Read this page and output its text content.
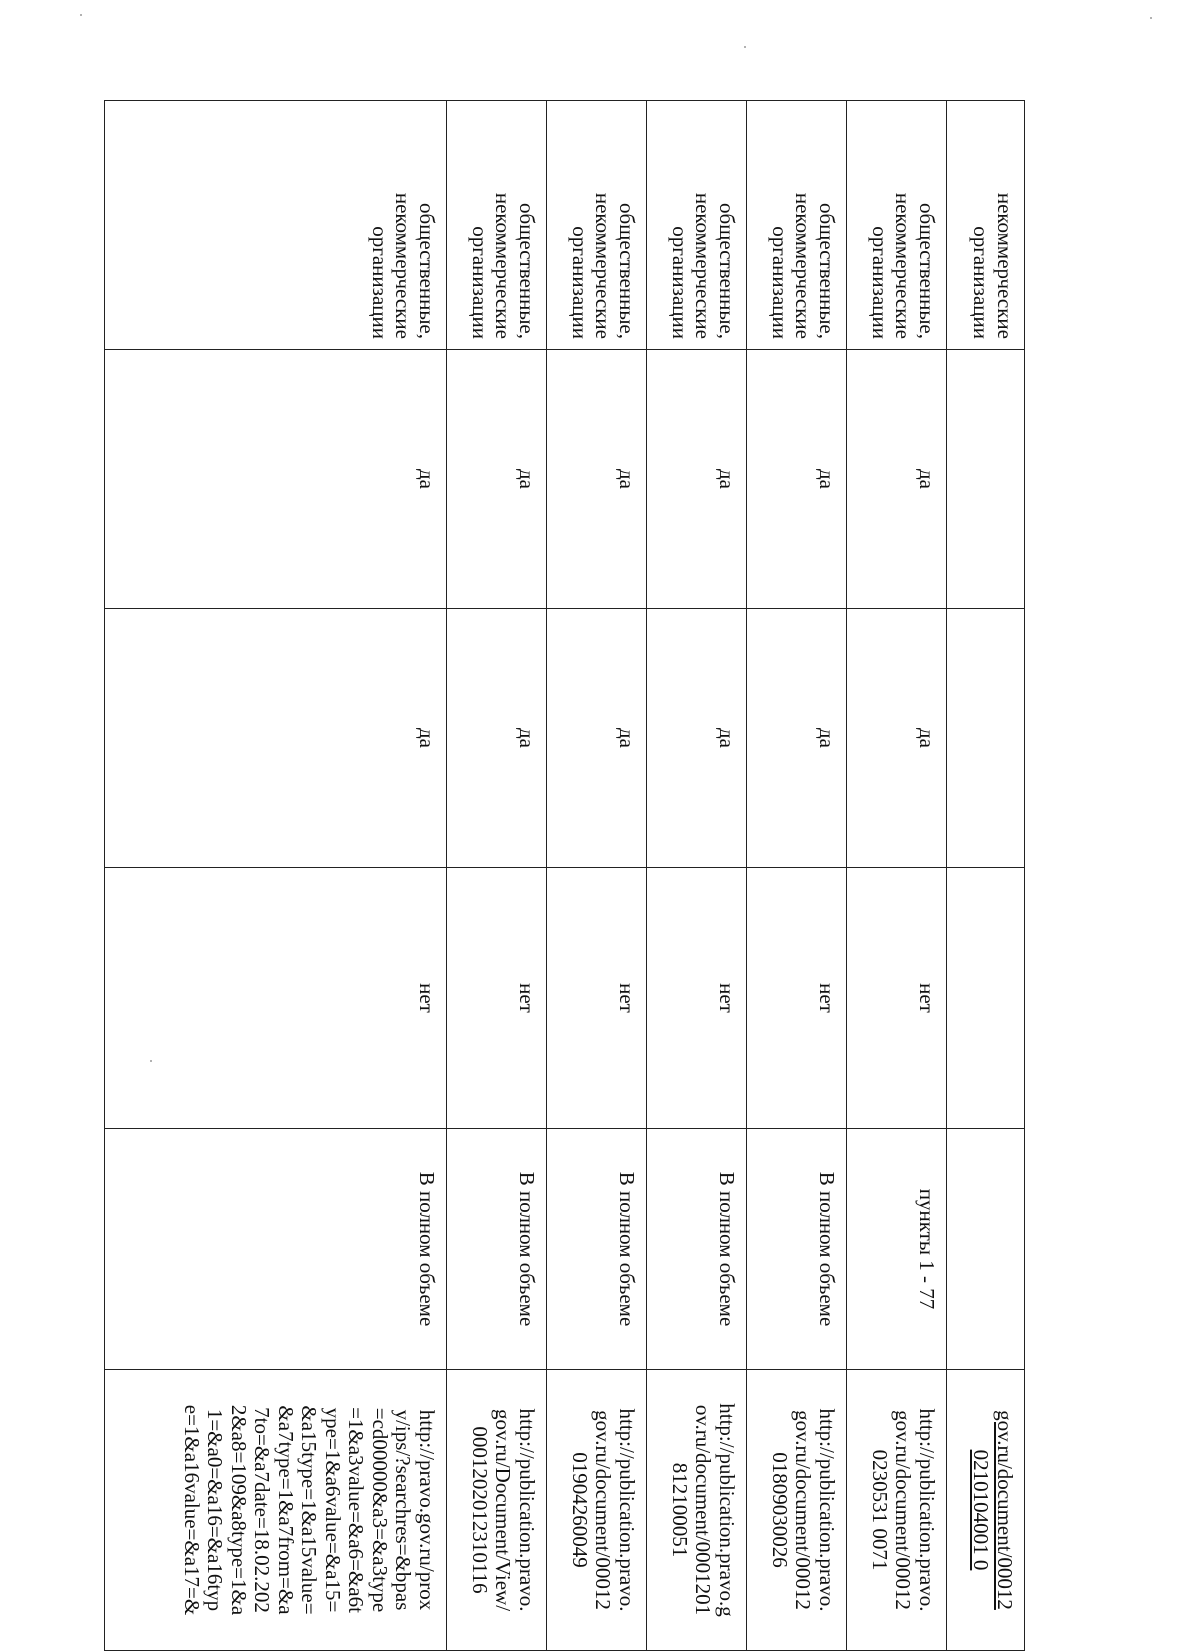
некоммерческие организации					gov.ru/document/00012 0210104001 0

общественные, некоммерческие организации	да	да	нет	пункты 1 - 77	http://publication.pravo. gov.ru/document/00012 0230531 0071

общественные, некоммерческие организации	да	да	нет	В полном объеме	http://publication.pravo. gov.ru/document/00012 01809030026

общественные, некоммерческие организации	да	да	нет	В полном объеме	http://publication.pravo.g ov.ru/document/0001201 812100051

общественные, некоммерческие организации	да	да	нет	В полном объеме	http://publication.pravo. gov.ru/document/00012 01904260049

общественные, некоммерческие организации	да	да	нет	В полном объеме	http://publication.pravo. gov.ru/Document/View/ 0001202012310116

общественные, некоммерческие организации	да	да	нет	В полном объеме	http://pravo.gov.ru/prox y/ips/?searchres=&bpas =cd00000&a3=&a3type =1&a3value=&a6=&a6t ype=1&a6value=&a15= &a15type=1&a15value= &a7type=1&a7from=&a 7to=&a7date=18.02.202 2&a8=109&a8type=1&a 1=&a0=&a16=&a16typ e=1&a16value=&a17=&
